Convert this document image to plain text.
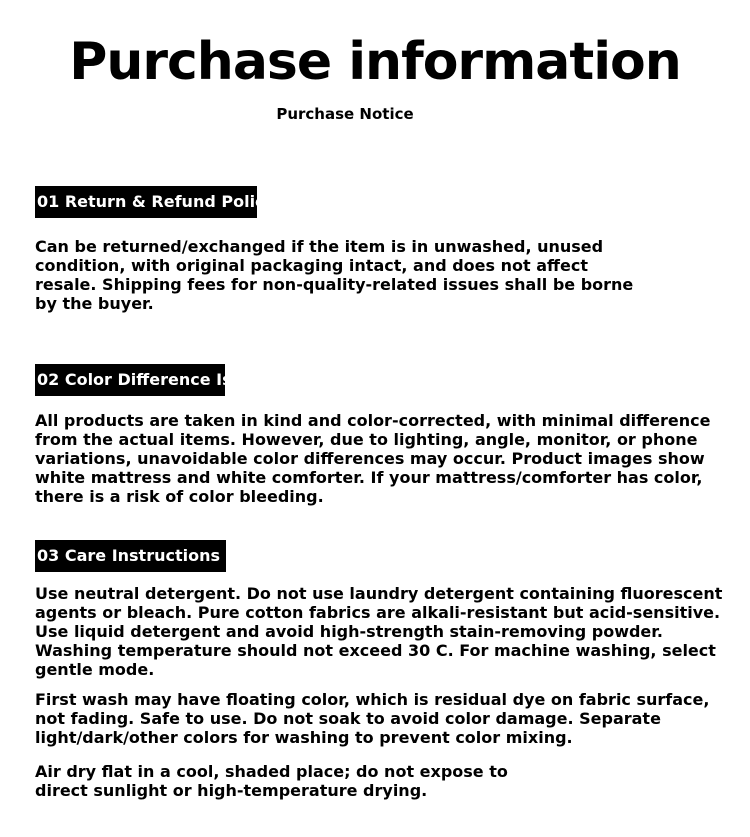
Purchase information
Purchase Notice
01 Return & Refund Policy
Can be returned/exchanged if the item is in unwashed, unused
condition, with original packaging intact, and does not affect
resale. Shipping fees for non-quality-related issues shall be borne
by the buyer.
02 Color Difference Issue
All products are taken in kind and color-corrected, with minimal difference
from the actual items. However, due to lighting, angle, monitor, or phone
variations, unavoidable color differences may occur. Product images show
white mattress and white comforter. If your mattress/comforter has color,
there is a risk of color bleeding.
03 Care Instructions
Use neutral detergent. Do not use laundry detergent containing fluorescent
agents or bleach. Pure cotton fabrics are alkali-resistant but acid-sensitive.
Use liquid detergent and avoid high-strength stain-removing powder.
Washing temperature should not exceed 30 C. For machine washing, select
gentle mode.
First wash may have floating color, which is residual dye on fabric surface,
not fading. Safe to use. Do not soak to avoid color damage. Separate
light/dark/other colors for washing to prevent color mixing.
Air dry flat in a cool, shaded place; do not expose to
direct sunlight or high-temperature drying.
